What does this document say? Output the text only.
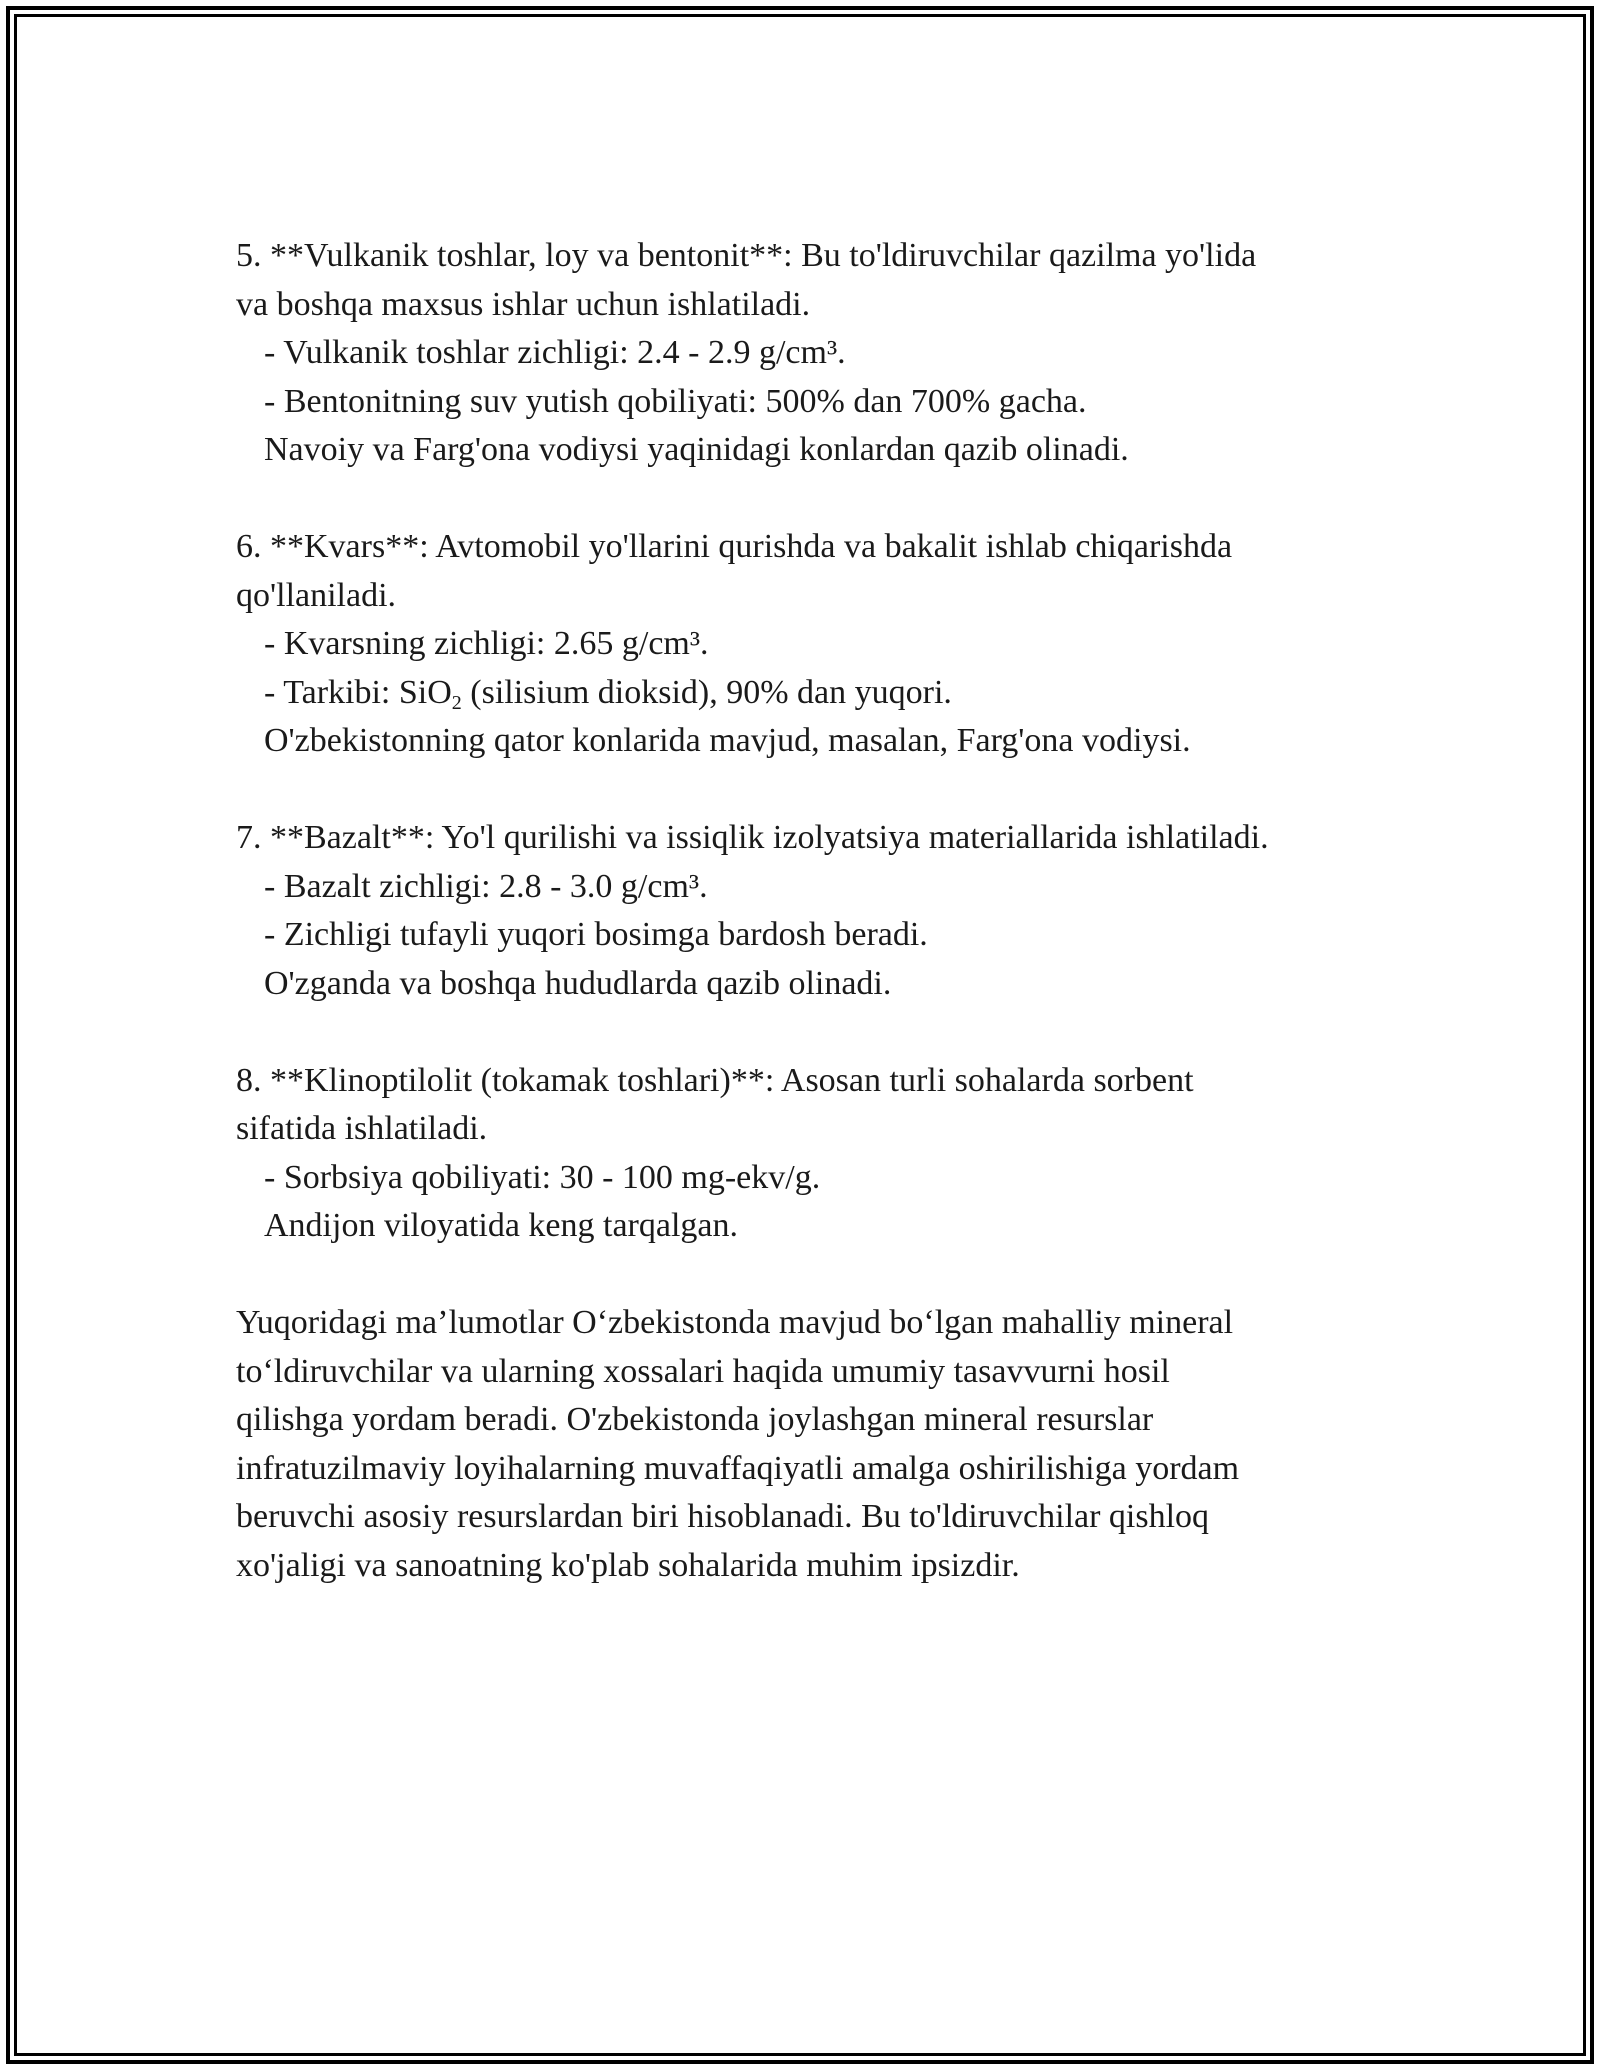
5. **Vulkanik toshlar, loy va bentonit**: Bu to'ldiruvchilar qazilma yo'lida
va boshqa maxsus ishlar uchun ishlatiladi.
- Vulkanik toshlar zichligi: 2.4 - 2.9 g/cm³.
- Bentonitning suv yutish qobiliyati: 500% dan 700% gacha.
Navoiy va Farg'ona vodiysi yaqinidagi konlardan qazib olinadi.
6. **Kvars**: Avtomobil yo'llarini qurishda va bakalit ishlab chiqarishda
qo'llaniladi.
- Kvarsning zichligi: 2.65 g/cm³.
- Tarkibi: SiO$_2$ (silisium dioksid), 90% dan yuqori.
O'zbekistonning qator konlarida mavjud, masalan, Farg'ona vodiysi.
7. **Bazalt**: Yo'l qurilishi va issiqlik izolyatsiya materiallarida ishlatiladi.
- Bazalt zichligi: 2.8 - 3.0 g/cm³.
- Zichligi tufayli yuqori bosimga bardosh beradi.
O'zganda va boshqa hududlarda qazib olinadi.
8. **Klinoptilolit (tokamak toshlari)**: Asosan turli sohalarda sorbent
sifatida ishlatiladi.
- Sorbsiya qobiliyati: 30 - 100 mg-ekv/g.
Andijon viloyatida keng tarqalgan.
Yuqoridagi ma’lumotlar O‘zbekistonda mavjud bo‘lgan mahalliy mineral
to‘ldiruvchilar va ularning xossalari haqida umumiy tasavvurni hosil
qilishga yordam beradi. O'zbekistonda joylashgan mineral resurslar
infratuzilmaviy loyihalarning muvaffaqiyatli amalga oshirilishiga yordam
beruvchi asosiy resurslardan biri hisoblanadi. Bu to'ldiruvchilar qishloq
xo'jaligi va sanoatning ko'plab sohalarida muhim ipsizdir.
